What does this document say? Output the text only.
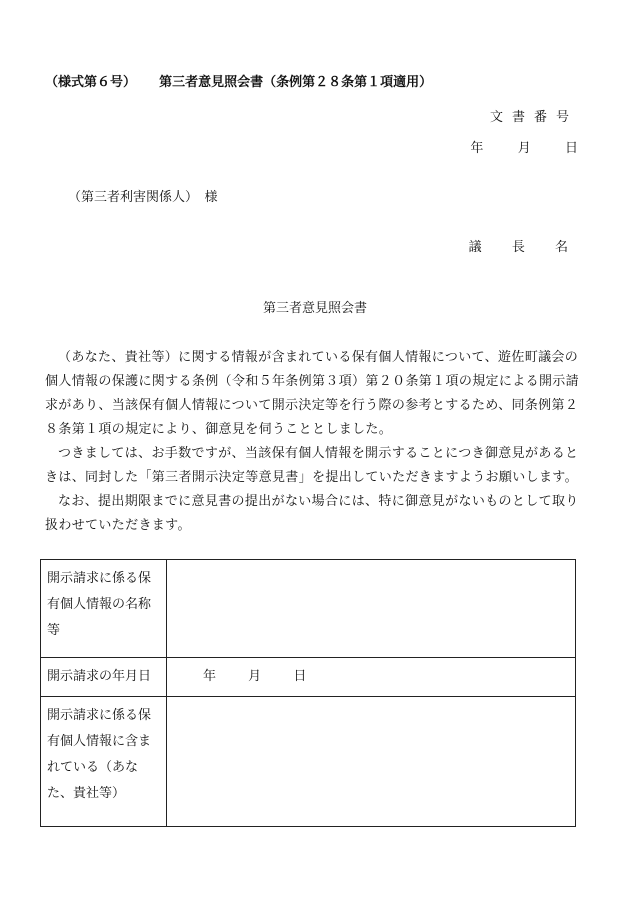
（様式第６号） 第三者意見照会書（条例第２８条第１項適用）
文書番号
年	月	日
（第三者利害関係人）　様
議 長 名
第三者意見照会書

（あなた、貴社等）に関する情報が含まれている保有個人情報について、遊佐町議会の個人情報の保護に関する条例（令和５年条例第３項）第２０条第１項の規定による開示請求があり、当該保有個人情報について開示決定等を行う際の参考とするため、同条例第２８条第１項の規定により、御意見を伺うこととしました。

つきましては、お手数ですが、当該保有個人情報を開示することにつき御意見があるときは、同封した「第三者開示決定等意見書」を提出していただきますようお願いします。

なお、提出期限までに意見書の提出がない場合には、特に御意見がないものとして取り扱わせていただきます。

開示請求に係る保有個人情報の名称等	
開示請求の年月日	年 月 日
開示請求に係る保有個人情報に含まれている（あなた、貴社等）	
